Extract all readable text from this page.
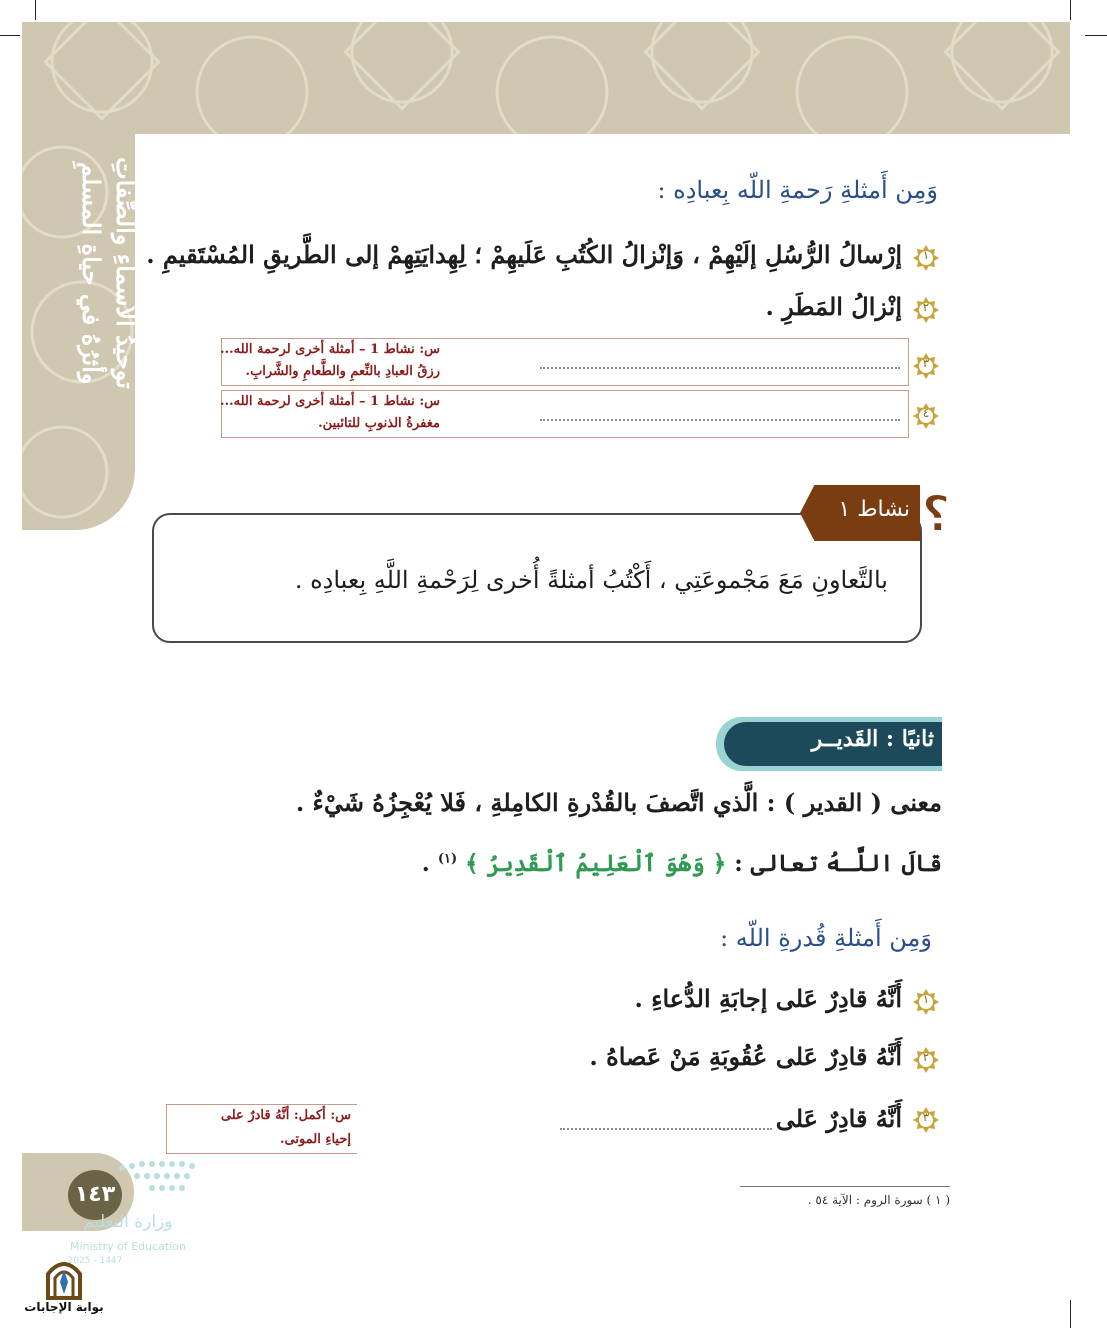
توحيدُ الأسماءِ والصِّفاتِ وأثرُهُ في حياةِ المسلمِ	وَمِن أَمثلةِ رَحمةِ اللّه بِعبادِه :
١
إرْسالُ الرُّسُلِ إلَيْهِمْ ، وَإنْزالُ الكُتُبِ عَلَيهِمْ ؛ لِهِدايَتِهِمْ إلى الطَّريقِ المُسْتَقيمِ .
٢
إنْزالُ المَطَرِ .
٣
س: نشاط 1 – أمثلة أخرى لرحمة الله...
رزقُ العبادِ بالنِّعمِ والطَّعامِ والشَّرابِ.
٤
س: نشاط 1 – أمثلة أخرى لرحمة الله...
مغفرةُ الذنوبِ للتائبين.
نشاط ١ ؟
بالتَّعاونِ مَعَ مَجْموعَتِي ، أَكْتُبُ أمثلةً أُخرى لِرَحْمةِ اللَّهِ بِعبادِه .
ثانيًا : القَديــر
معنى ( القدير ) : الَّذي اتَّصفَ بالقُدْرةِ الكامِلةِ ، فَلا يُعْجِزُهُ شَيْءٌ .
قالَ اللَّـهُ تعالى : ﴿ وَهُوَ ٱلْعَلِيمُ ٱلْقَدِيرُ ﴾ $^{(١)}$ .
وَمِن أَمثلةِ قُدرةِ اللّه :
١
أَنَّهُ قادِرٌ عَلى إجابَةِ الدُّعاءِ .
٢
أَنَّهُ قادِرٌ عَلى عُقُوبَةِ مَنْ عَصاهُ .
٣
أَنَّهُ قادِرٌ عَلى
س: أكمل: أنَّهُ قادرٌ على
إحياءِ الموتى.
( ١ ) سورة الروم : الآية ٥٤ .
١٤٣
وزارة التعليم
Ministry of Education
2025 - 1447
بوابة الإجابات
